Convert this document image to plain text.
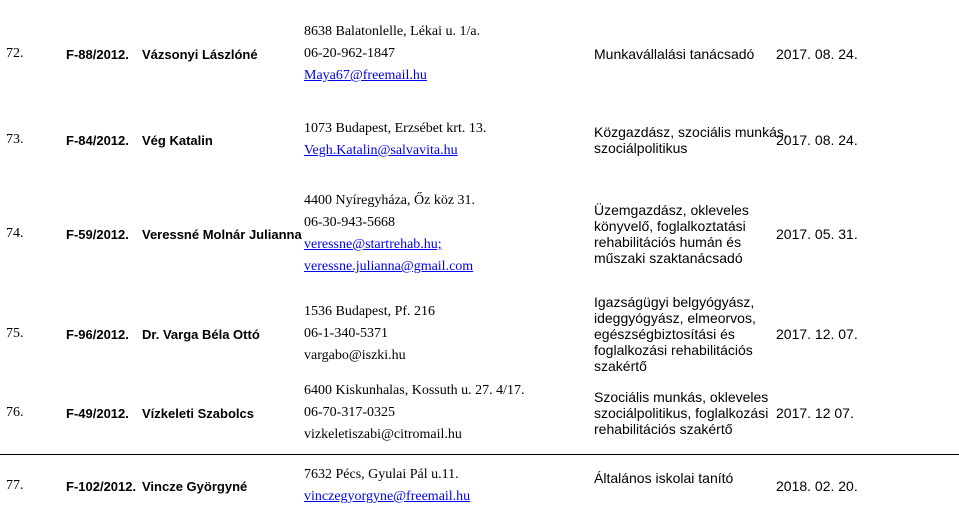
72.	F-88/2012.	Vázsonyi Lászlóné
8638 Balatonlelle, Lékai u. 1/a.
06-20-962-1847
Maya67@freemail.hu
Munkavállalási tanácsadó 2017. 08. 24.
73.	F-84/2012.	Vég Katalin
1073 Budapest, Erzsébet krt. 13.
Vegh.Katalin@salvavita.hu
Közgazdász, szociális munkás,
szociálpolitikus	2017. 08. 24.
74.	F-59/2012.	Veressné Molnár Julianna
4400 Nyíregyháza, Őz köz 31.
06-30-943-5668
veressne@startrehab.hu;
veressne.julianna@gmail.com
Üzemgazdász, okleveles
könyvelő, foglalkoztatási
rehabilitációs humán és
műszaki szaktanácsadó
2017. 05. 31.
75.	F-96/2012.	Dr. Varga Béla Ottó
1536 Budapest, Pf. 216
06-1-340-5371
vargabo@iszki.hu
Igazságügyi belgyógyász,
ideggyógyász, elmeorvos,
egészségbiztosítási és
foglalkozási rehabilitációs
szakértő
2017. 12. 07.
76.	F-49/2012.	Vízkeleti Szabolcs
6400 Kiskunhalas, Kossuth u. 27. 4/17.
06-70-317-0325
vizkeletiszabi@citromail.hu
Szociális munkás, okleveles
szociálpolitikus, foglalkozási
rehabilitációs szakértő
2017. 12 07.
77.	F-102/2012. Vincze Györgyné
7632 Pécs, Gyulai Pál u.11.
vinczegyorgyne@freemail.hu
Általános iskolai tanító	2018. 02. 20.
